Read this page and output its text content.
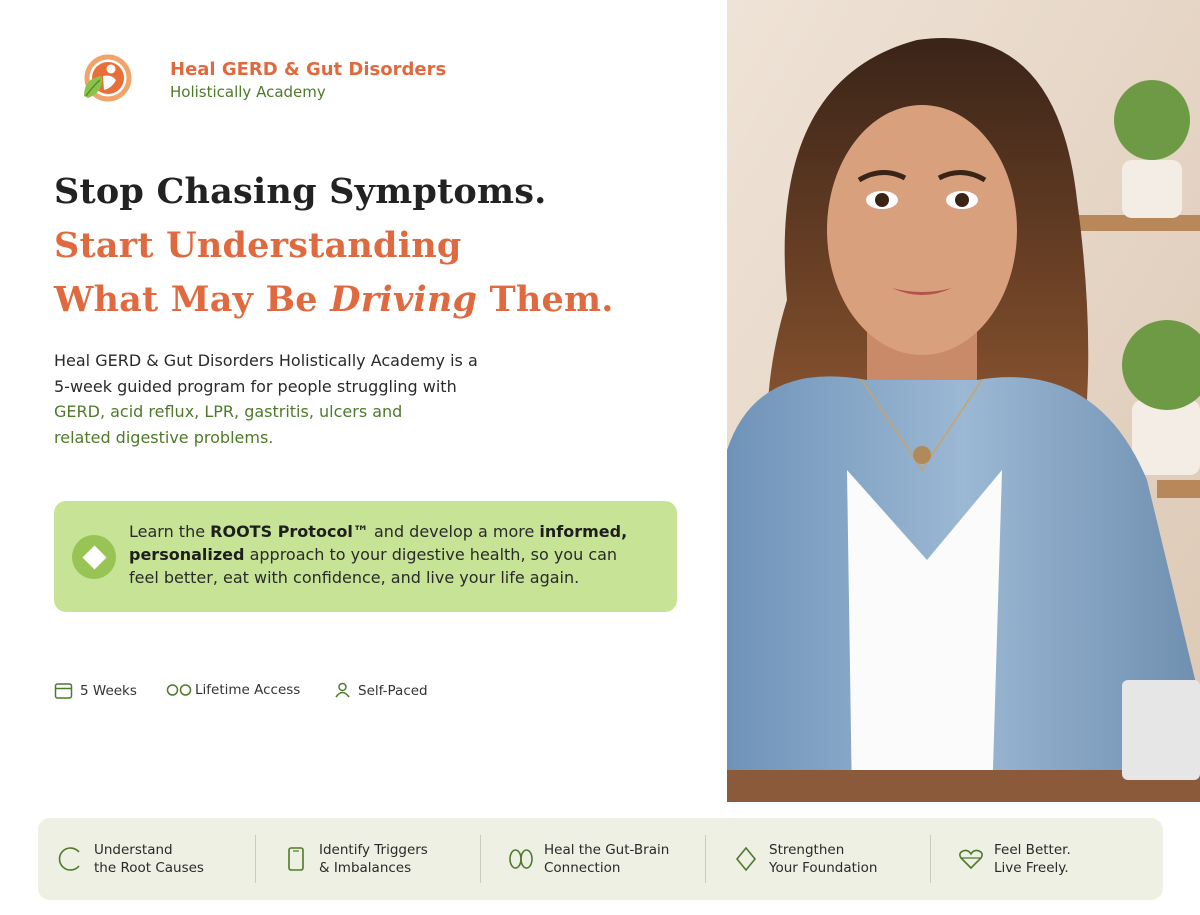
Heal GERD & Gut Disorders
Holistically Academy
Stop Chasing Symptoms.
Start Understanding
What May Be Driving Them.
Heal GERD & Gut Disorders Holistically Academy is a
5-week guided program for people struggling with
GERD, acid reflux, LPR, gastritis, ulcers and
related digestive problems.
Learn the ROOTS Protocol™ and develop a more informed,
personalized approach to your digestive health, so you can feel better, eat with confidence, and live your life again.
5 Weeks	Lifetime Access	Self-Paced
Understand
the Root Causes
Identify Triggers
& Imbalances
Heal the Gut-Brain
Connection
Strengthen
Your Foundation
Feel Better.
Live Freely.
